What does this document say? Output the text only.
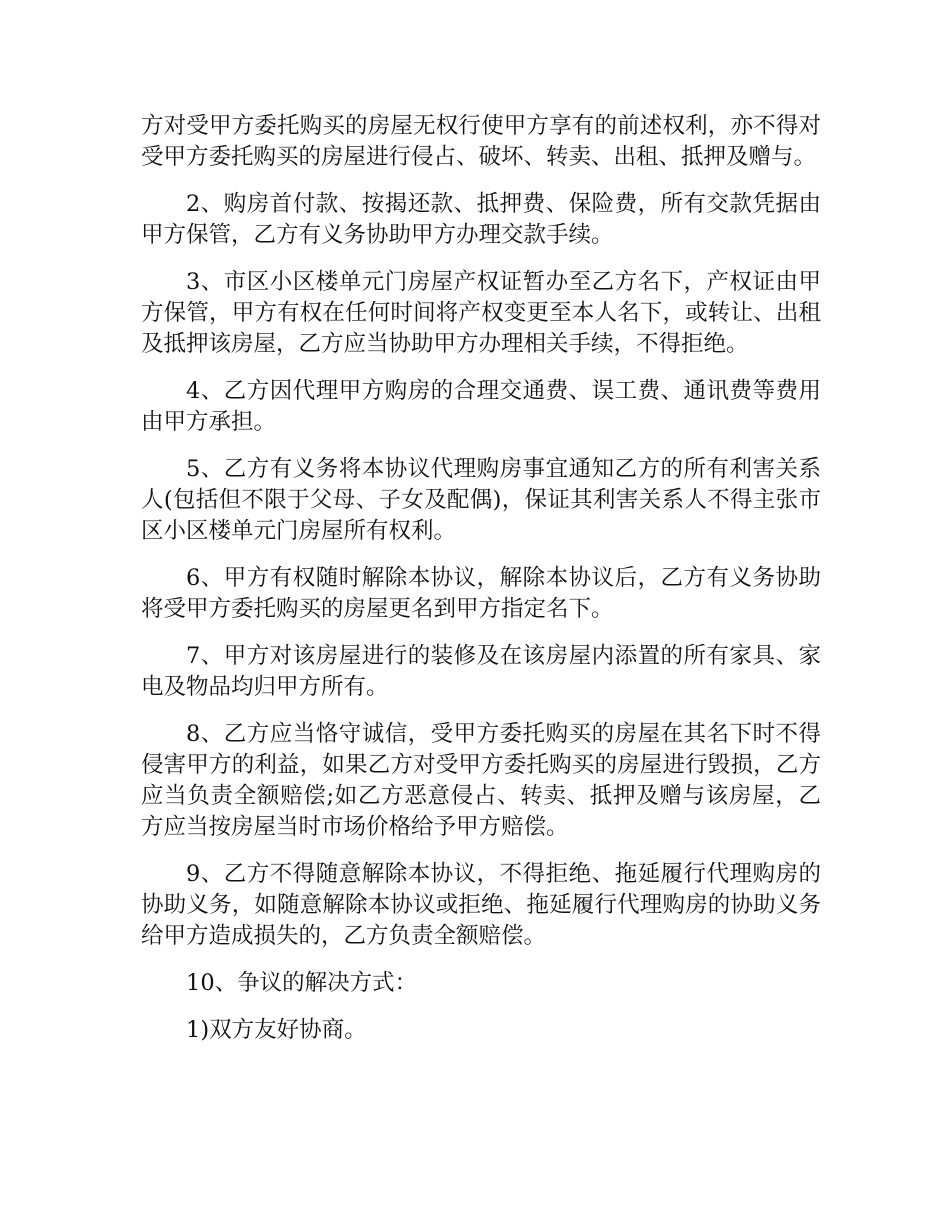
方对受甲方委托购买的房屋无权行使甲方享有的前述权利，亦不得对受甲方委托购买的房屋进行侵占、破坏、转卖、出租、抵押及赠与。

2、购房首付款、按揭还款、抵押费、保险费，所有交款凭据由甲方保管，乙方有义务协助甲方办理交款手续。

3、市区小区楼单元门房屋产权证暂办至乙方名下，产权证由甲方保管，甲方有权在任何时间将产权变更至本人名下，或转让、出租及抵押该房屋，乙方应当协助甲方办理相关手续，不得拒绝。

4、乙方因代理甲方购房的合理交通费、误工费、通讯费等费用由甲方承担。

5、乙方有义务将本协议代理购房事宜通知乙方的所有利害关系人(包括但不限于父母、子女及配偶)，保证其利害关系人不得主张市区小区楼单元门房屋所有权利。

6、甲方有权随时解除本协议，解除本协议后，乙方有义务协助将受甲方委托购买的房屋更名到甲方指定名下。

7、甲方对该房屋进行的装修及在该房屋内添置的所有家具、家电及物品均归甲方所有。

8、乙方应当恪守诚信，受甲方委托购买的房屋在其名下时不得侵害甲方的利益，如果乙方对受甲方委托购买的房屋进行毁损，乙方应当负责全额赔偿;如乙方恶意侵占、转卖、抵押及赠与该房屋，乙方应当按房屋当时市场价格给予甲方赔偿。

9、乙方不得随意解除本协议，不得拒绝、拖延履行代理购房的协助义务，如随意解除本协议或拒绝、拖延履行代理购房的协助义务给甲方造成损失的，乙方负责全额赔偿。

10、争议的解决方式：

1)双方友好协商。
